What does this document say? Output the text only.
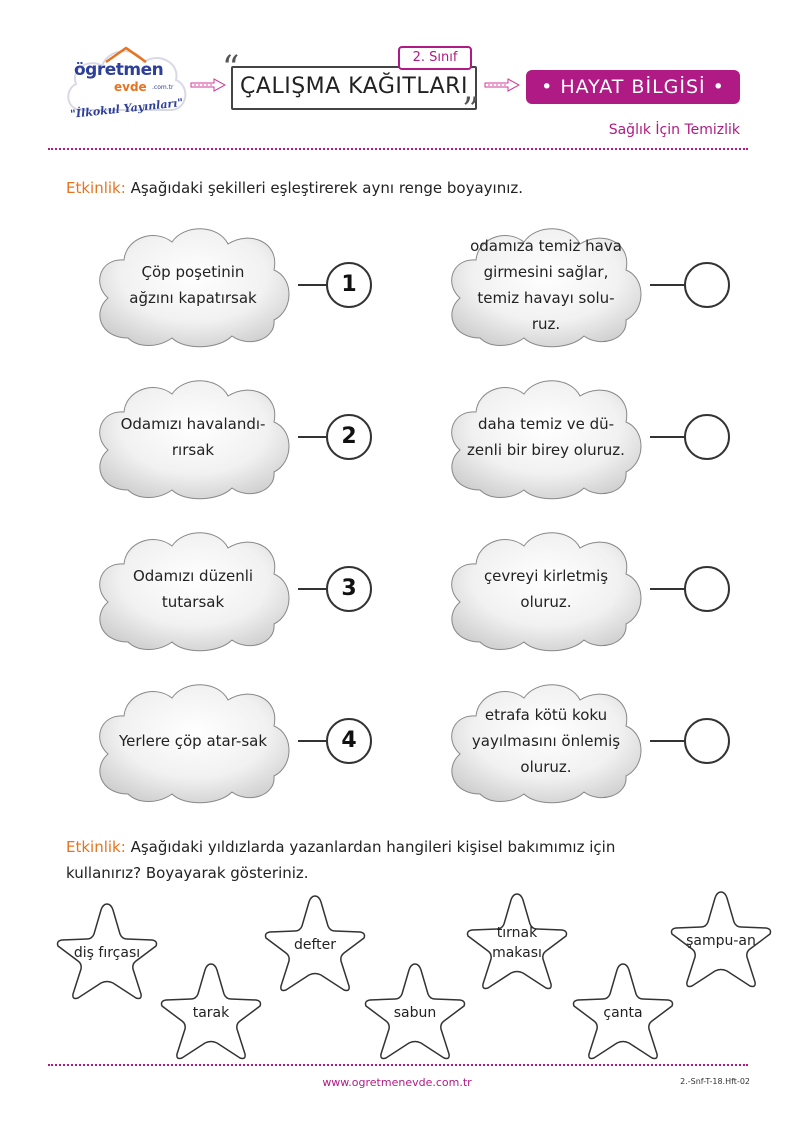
ögretmen
evde .com.tr
"İlkokul Yayınları"
“ ÇALIŞMA KAĞITLARI
”
2. Sınıf
• HAYAT BİLGİSİ •
Sağlık İçin Temizlik
Etkinlik: Aşağıdaki şekilleri eşleştirerek aynı renge boyayınız.
Çöp poşetinin ağzını kapatırsak
1
odamıza temiz hava girmesini sağlar, temiz havayı solu-ruz.
Odamızı havalandı-rırsak
2	daha temiz ve dü-zenli bir birey oluruz.
Odamızı düzenli tutarsak
3	çevreyi kirletmiş oluruz.
Yerlere çöp atar-sak	4
etrafa kötü koku yayılmasını önlemiş oluruz.
Etkinlik: Aşağıdaki yıldızlarda yazanlardan hangileri kişisel bakımımız için
kullanırız? Boyayarak gösteriniz.
diş fırçası
tarak
defter
sabun
tırnak makası
çanta
şampu-an
www.ogretmenevde.com.tr	2.-Snf-T-18.Hft-02
